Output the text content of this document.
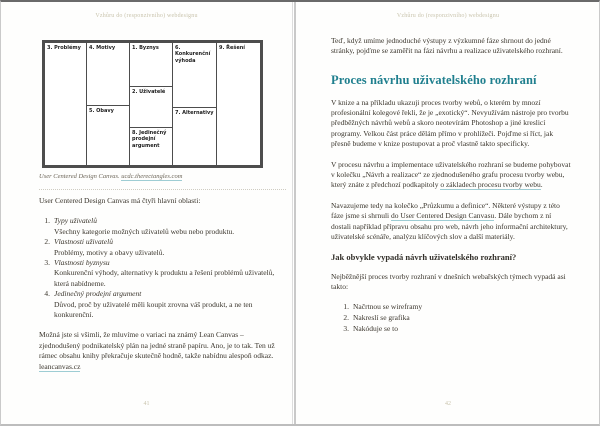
Vzhůru do (responzivního) webdesignu
3. Problémy	4. Motivy
5. Obavy
1. Byznys
2. Uživatelé
8. Jedinečný prodejní argument
6. Konkurenční výhoda
7. Alternativy
9. Řešení
User Centered Design Canvas. ucdc.therectangles.com

User Centered Design Canvas má čtyři hlavní oblasti:

1. Typy uživatelů
Všechny kategorie možných uživatelů webu nebo produktu.
2. Vlastnosti uživatelů
Problémy, motivy a obavy uživatelů.
3. Vlastnosti byznysu
Konkurenční výhody, alternativy k produktu a řešení problémů uživatelů, která nabídneme.
4. Jedinečný prodejní argument
Důvod, proč by uživatelé měli koupit zrovna váš produkt, a ne ten konkurenční.

Možná jste si všimli, že mluvíme o variaci na známý Lean Canvas – zjednodušený podnikatelský plán na jedné straně papíru. Ano, je to tak. Ten už rámec obsahu knihy překračuje skutečně hodně, takže nabídnu alespoň odkaz. leancanvas.cz

41
Vzhůru do (responzivního) webdesignu

Teď, když umíme jednoduché výstupy z výzkumné fáze shrnout do jedné stránky, pojďme se zaměřit na fázi návrhu a realizace uživatelského rozhraní.

Proces návrhu uživatelského rozhraní

V knize a na příkladu ukazuji proces tvorby webů, o kterém by mnozí profesionální kolegové řekli, že je „exotický“. Nevyužívám nástroje pro tvorbu předběžných návrhů webů a skoro neotevírám Photoshop a jiné kreslicí programy. Velkou část práce dělám přímo v prohlížeči. Pojďme si říct, jak přesně budeme v knize postupovat a proč vlastně takto specificky.

V procesu návrhu a implementace uživatelského rozhraní se budeme pohybovat v kolečku „Návrh a realizace“ ze zjednodušeného grafu procesu tvorby webu, který znáte z předchozí podkapitoly o základech procesu tvorby webu.

Navazujeme tedy na kolečko „Průzkumu a definice“. Některé výstupy z této fáze jsme si shrnuli do User Centered Design Canvasu. Dále bychom z ní dostali například přípravu obsahu pro web, návrh jeho informační architektury, uživatelské scénáře, analýzu klíčových slov a další materiály.

Jak obvykle vypadá návrh uživatelského rozhraní?

Nejběžnější proces tvorby rozhraní v dnešních webařských týmech vypadá asi takto:

1. Načrtnou se wireframy
2. Nakreslí se grafika
3. Nakóduje se to
42
